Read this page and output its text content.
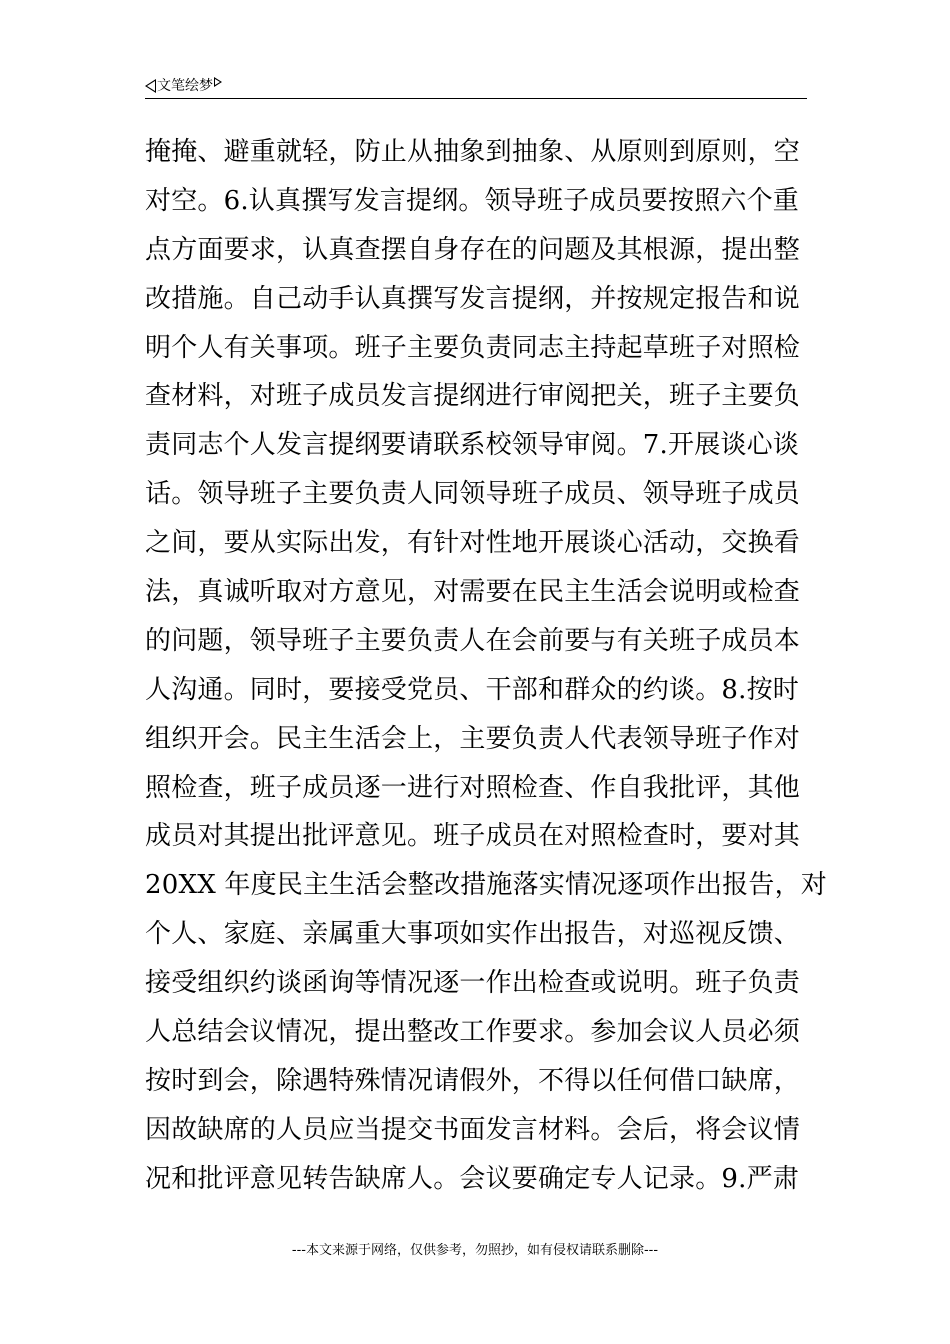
文笔绘梦
掩掩、避重就轻，防止从抽象到抽象、从原则到原则，空
对空。6.认真撰写发言提纲。领导班子成员要按照六个重
点方面要求，认真查摆自身存在的问题及其根源，提出整
改措施。自己动手认真撰写发言提纲，并按规定报告和说
明个人有关事项。班子主要负责同志主持起草班子对照检
查材料，对班子成员发言提纲进行审阅把关，班子主要负
责同志个人发言提纲要请联系校领导审阅。7.开展谈心谈
话。领导班子主要负责人同领导班子成员、领导班子成员
之间，要从实际出发，有针对性地开展谈心活动，交换看
法，真诚听取对方意见，对需要在民主生活会说明或检查
的问题，领导班子主要负责人在会前要与有关班子成员本
人沟通。同时，要接受党员、干部和群众的约谈。8.按时
组织开会。民主生活会上，主要负责人代表领导班子作对
照检查，班子成员逐一进行对照检查、作自我批评，其他
成员对其提出批评意见。班子成员在对照检查时，要对其
20XX 年度民主生活会整改措施落实情况逐项作出报告，对
个人、家庭、亲属重大事项如实作出报告，对巡视反馈、
接受组织约谈函询等情况逐一作出检查或说明。班子负责
人总结会议情况，提出整改工作要求。参加会议人员必须
按时到会，除遇特殊情况请假外，不得以任何借口缺席，
因故缺席的人员应当提交书面发言材料。会后，将会议情
况和批评意见转告缺席人。会议要确定专人记录。9.严肃
---本文来源于网络，仅供参考，勿照抄，如有侵权请联系删除---
